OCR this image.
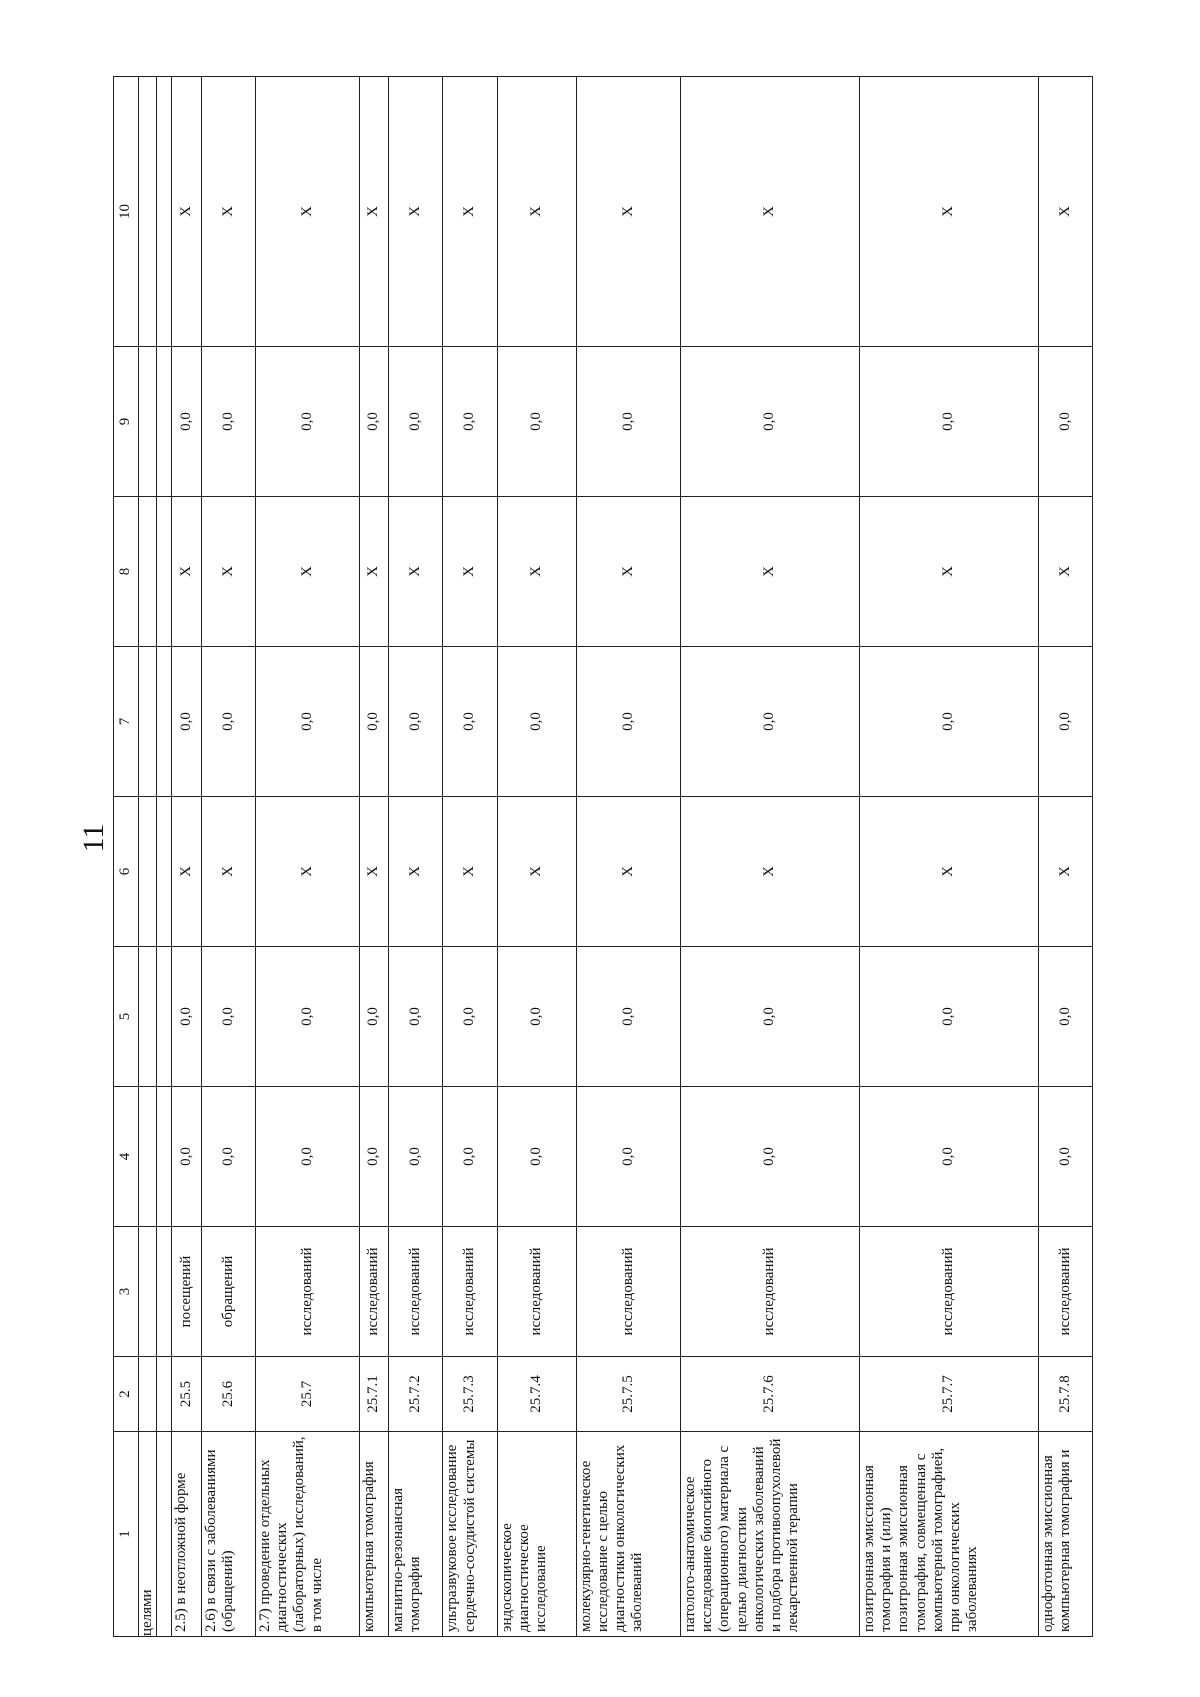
11
1	2	3	4	5	6	7	8	9	10
целями									

2.5) в неотложной форме	25.5	посещений	0,0	0,0	X	0,0	X	0,0	X
2.6) в связи с заболеваниями (обращений)	25.6	обращений	0,0	0,0	X	0,0	X	0,0	X
2.7) проведение отдельных диагностических (лабораторных) исследований, в том числе	25.7	исследований	0,0	0,0	X	0,0	X	0,0	X
компьютерная томография	25.7.1	исследований	0,0	0,0	X	0,0	X	0,0	X
магнитно-резонансная томография	25.7.2	исследований	0,0	0,0	X	0,0	X	0,0	X
ультразвуковое исследование сердечно-сосудистой системы	25.7.3	исследований	0,0	0,0	X	0,0	X	0,0	X
эндоскопическое диагностическое исследование	25.7.4	исследований	0,0	0,0	X	0,0	X	0,0	X
молекулярно-генетическое исследование с целью диагностики онкологических заболеваний	25.7.5	исследований	0,0	0,0	X	0,0	X	0,0	X
патолого-анатомическое исследование биопсийного (операционного) материала с целью диагностики онкологических заболеваний и подбора противоопухолевой лекарственной терапии	25.7.6	исследований	0,0	0,0	X	0,0	X	0,0	X
позитронная эмиссионная томография и (или) позитронная эмиссионная томография, совмещенная с компьютерной томографией, при онкологических заболеваниях	25.7.7	исследований	0,0	0,0	X	0,0	X	0,0	X
однофотонная эмиссионная компьютерная томография и	25.7.8	исследований	0,0	0,0	X	0,0	X	0,0	X
